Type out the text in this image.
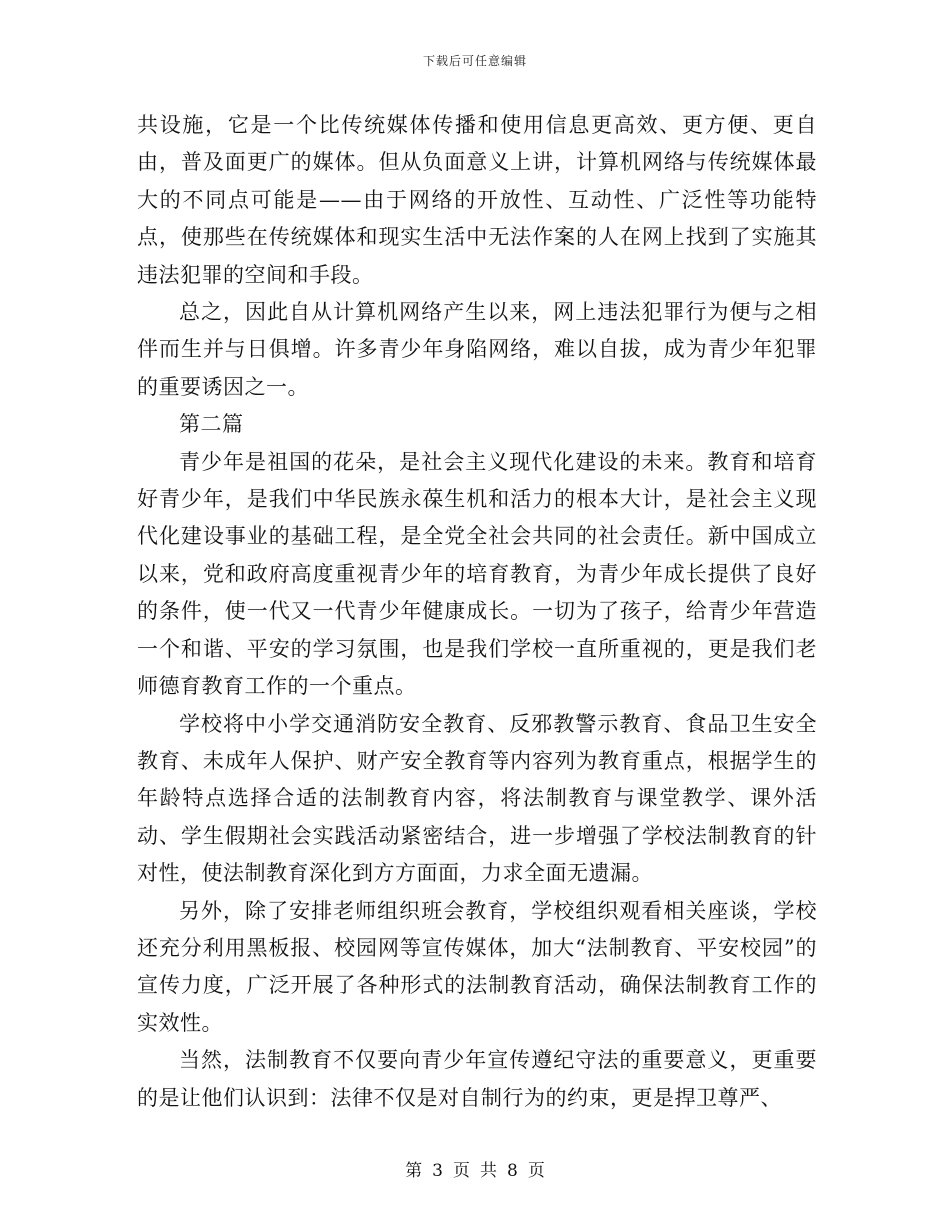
下载后可任意编辑

共设施，它是一个比传统媒体传播和使用信息更高效、更方便、更自由，普及面更广的媒体。但从负面意义上讲，计算机网络与传统媒体最大的不同点可能是——由于网络的开放性、互动性、广泛性等功能特点，使那些在传统媒体和现实生活中无法作案的人在网上找到了实施其违法犯罪的空间和手段。

总之，因此自从计算机网络产生以来，网上违法犯罪行为便与之相伴而生并与日俱增。许多青少年身陷网络，难以自拔，成为青少年犯罪的重要诱因之一。

第二篇

青少年是祖国的花朵，是社会主义现代化建设的未来。教育和培育好青少年，是我们中华民族永葆生机和活力的根本大计，是社会主义现代化建设事业的基础工程，是全党全社会共同的社会责任。新中国成立以来，党和政府高度重视青少年的培育教育，为青少年成长提供了良好的条件，使一代又一代青少年健康成长。一切为了孩子，给青少年营造一个和谐、平安的学习氛围，也是我们学校一直所重视的，更是我们老师德育教育工作的一个重点。

学校将中小学交通消防安全教育、反邪教警示教育、食品卫生安全教育、未成年人保护、财产安全教育等内容列为教育重点，根据学生的年龄特点选择合适的法制教育内容，将法制教育与课堂教学、课外活动、学生假期社会实践活动紧密结合，进一步增强了学校法制教育的针对性，使法制教育深化到方方面面，力求全面无遗漏。

另外，除了安排老师组织班会教育，学校组织观看相关座谈，学校还充分利用黑板报、校园网等宣传媒体，加大“法制教育、平安校园”的宣传力度，广泛开展了各种形式的法制教育活动，确保法制教育工作的实效性。

当然，法制教育不仅要向青少年宣传遵纪守法的重要意义，更重要的是让他们认识到：法律不仅是对自制行为的约束，更是捍卫尊严、

第 3 页 共 8 页
